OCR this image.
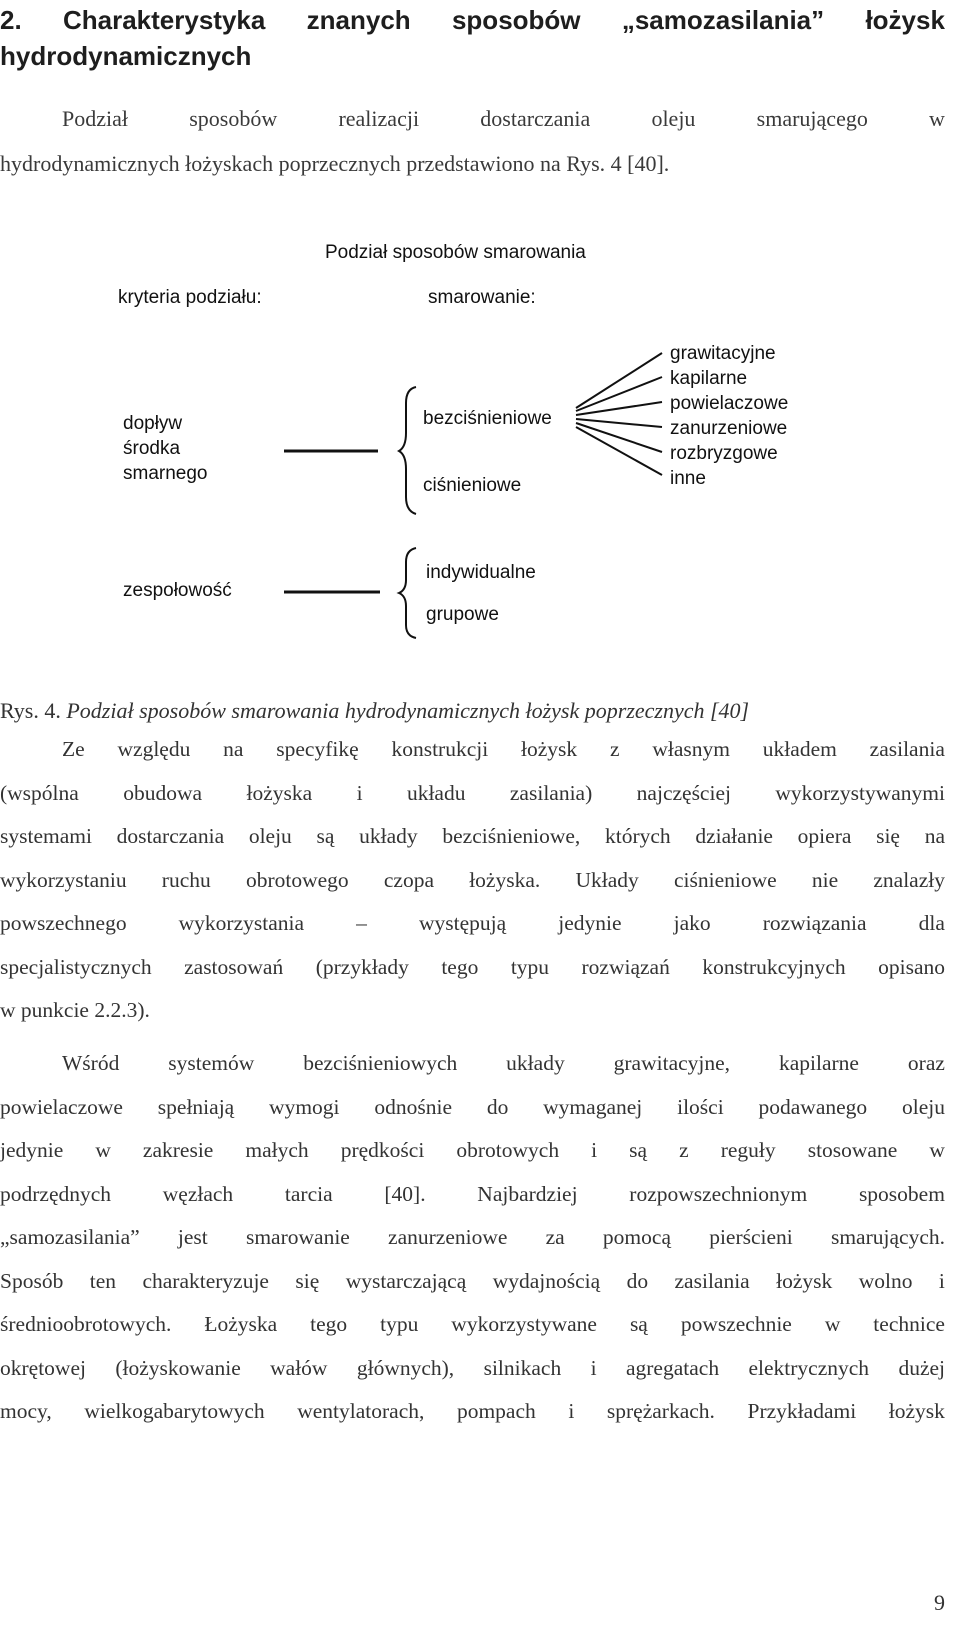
2. Charakterystyka znanych sposobów „samozasilania” łożysk
hydrodynamicznych
Podział	sposobów	realizacji	dostarczania	oleju	smarującego	w
hydrodynamicznych łożyskach poprzecznych przedstawiono na Rys. 4 [40].
Podział sposobów smarowania
kryteria podziału:	smarowanie:
dopływ
środka
smarnego
bezciśnieniowe
ciśnieniowe
grawitacyjne
kapilarne
powielaczowe
zanurzeniowe
rozbryzgowe
inne
zespołowość
indywidualne
grupowe
Rys. 4. Podział sposobów smarowania hydrodynamicznych łożysk poprzecznych [40]
Ze względu na specyfikę konstrukcji łożysk z własnym układem zasilania
(wspólna obudowa łożyska i układu zasilania) najczęściej wykorzystywanymi
systemami dostarczania oleju są układy bezciśnieniowe, których działanie opiera się na
wykorzystaniu ruchu obrotowego czopa łożyska. Układy ciśnieniowe nie znalazły
powszechnego wykorzystania – występują jedynie jako rozwiązania dla
specjalistycznych zastosowań (przykłady tego typu rozwiązań konstrukcyjnych opisano
w punkcie 2.2.3).
Wśród systemów bezciśnieniowych układy grawitacyjne, kapilarne oraz
powielaczowe spełniają wymogi odnośnie do wymaganej ilości podawanego oleju
jedynie w zakresie małych prędkości obrotowych i są z reguły stosowane w
podrzędnych węzłach tarcia [40]. Najbardziej rozpowszechnionym sposobem
„samozasilania” jest smarowanie zanurzeniowe za pomocą pierścieni smarujących.
Sposób ten charakteryzuje się wystarczającą wydajnością do zasilania łożysk wolno i
średnioobrotowych. Łożyska tego typu wykorzystywane są powszechnie w technice
okrętowej (łożyskowanie wałów głównych), silnikach i agregatach elektrycznych dużej
mocy, wielkogabarytowych wentylatorach, pompach i sprężarkach. Przykładami łożysk
9
